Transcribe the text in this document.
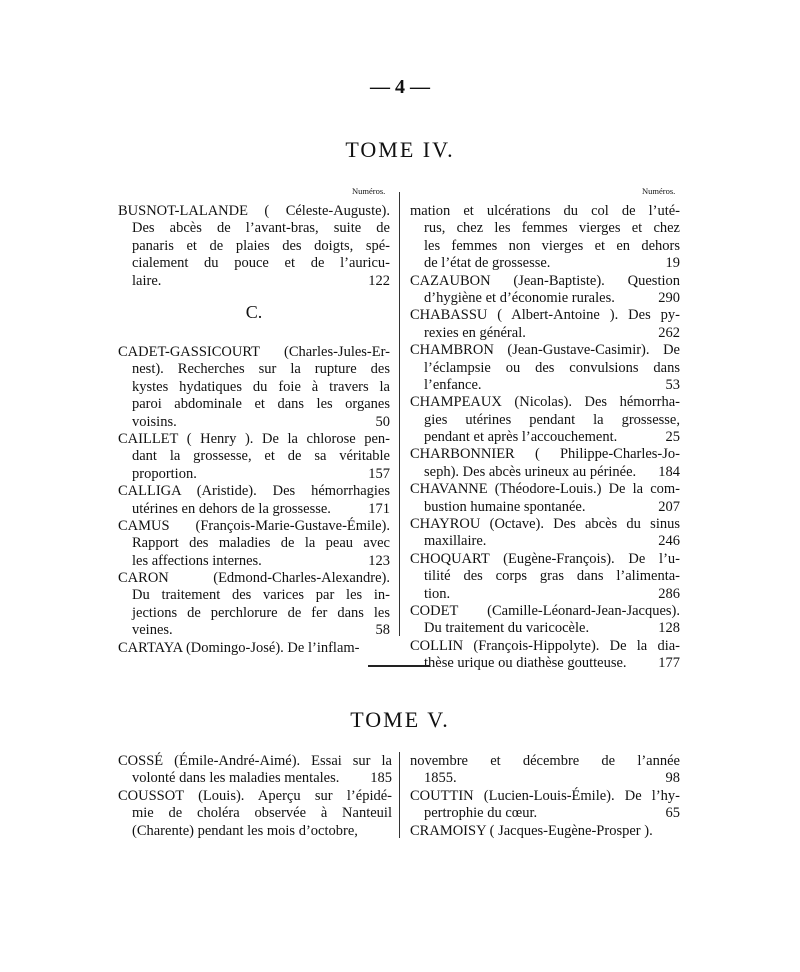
— 4 —
TOME IV.
Numéros.	Numéros.
C.
BUSNOT-LALANDE ( Céleste-Auguste).
Des abcès de l’avant-bras, suite de
panaris et de plaies des doigts, spé-
cialement du pouce et de l’auricu-
laire.	122
CADET-GASSICOURT (Charles-Jules-Er-
nest). Recherches sur la rupture des
kystes hydatiques du foie à travers la
paroi abdominale et dans les organes
voisins.	50
CAILLET ( Henry ). De la chlorose pen-
dant la grossesse, et de sa véritable
proportion.	157
CALLIGA (Aristide). Des hémorrhagies
utérines en dehors de la grossesse.	171
CAMUS (François-Marie-Gustave-Émile).
Rapport des maladies de la peau avec
les affections internes.	123
CARON (Edmond-Charles-Alexandre).
Du traitement des varices par les in-
jections de perchlorure de fer dans les
veines.	58
CARTAYA (Domingo-José). De l’inflam-
mation et ulcérations du col de l’uté-
rus, chez les femmes vierges et chez
les femmes non vierges et en dehors
de l’état de grossesse.	19
CAZAUBON (Jean-Baptiste). Question
d’hygiène et d’économie rurales.	290
CHABASSU ( Albert-Antoine ). Des py-
rexies en général.	262
CHAMBRON (Jean-Gustave-Casimir). De
l’éclampsie ou des convulsions dans
l’enfance.	53
CHAMPEAUX (Nicolas). Des hémorrha-
gies utérines pendant la grossesse,
pendant et après l’accouchement.	25
CHARBONNIER ( Philippe-Charles-Jo-
seph). Des abcès urineux au périnée.	184
CHAVANNE (Théodore-Louis.) De la com-
bustion humaine spontanée.	207
CHAYROU (Octave). Des abcès du sinus
maxillaire.	246
CHOQUART (Eugène-François). De l’u-
tilité des corps gras dans l’alimenta-
tion.	286
CODET (Camille-Léonard-Jean-Jacques).
Du traitement du varicocèle.	128
COLLIN (François-Hippolyte). De la dia-
thèse urique ou diathèse goutteuse.	177
TOME V.
COSSÉ (Émile-André-Aimé). Essai sur la
volonté dans les maladies mentales.	185
COUSSOT (Louis). Aperçu sur l’épidé-
mie de choléra observée à Nanteuil
(Charente) pendant les mois d’octobre,
novembre et décembre de l’année
1855.	98
COUTTIN (Lucien-Louis-Émile). De l’hy-
pertrophie du cœur.	65
CRAMOISY ( Jacques-Eugène-Prosper ).
